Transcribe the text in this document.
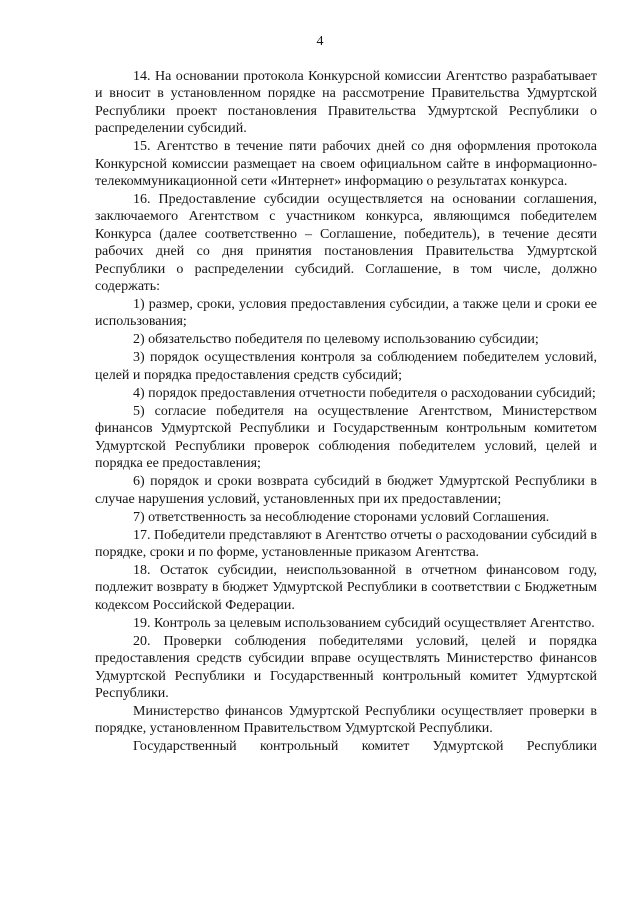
4

14. На основании протокола Конкурсной комиссии Агентство разрабатывает и вносит в установленном порядке на рассмотрение Правительства Удмуртской Республики проект постановления Правительства Удмуртской Республики о распределении субсидий.

15. Агентство в течение пяти рабочих дней со дня оформления протокола Конкурсной комиссии размещает на своем официальном сайте в информационно-телекоммуникационной сети «Интернет» информацию о результатах конкурса.

16. Предоставление субсидии осуществляется на основании соглашения, заключаемого Агентством с участником конкурса, являющимся победителем Конкурса (далее соответственно – Соглашение, победитель), в течение десяти рабочих дней со дня принятия постановления Правительства Удмуртской Республики о распределении субсидий. Соглашение, в том числе, должно содержать:

1) размер, сроки, условия предоставления субсидии, а также цели и сроки ее использования;

2) обязательство победителя по целевому использованию субсидии;

3) порядок осуществления контроля за соблюдением победителем условий, целей и порядка предоставления средств субсидий;

4) порядок предоставления отчетности победителя о расходовании субсидий;

5) согласие победителя на осуществление Агентством, Министерством финансов Удмуртской Республики и Государственным контрольным комитетом Удмуртской Республики проверок соблюдения победителем условий, целей и порядка ее предоставления;

6) порядок и сроки возврата субсидий в бюджет Удмуртской Республики в случае нарушения условий, установленных при их предоставлении;

7) ответственность за несоблюдение сторонами условий Соглашения.

17. Победители представляют в Агентство отчеты о расходовании субсидий в порядке, сроки и по форме, установленные приказом Агентства.

18. Остаток субсидии, неиспользованной в отчетном финансовом году, подлежит возврату в бюджет Удмуртской Республики в соответствии с Бюджетным кодексом Российской Федерации.

19. Контроль за целевым использованием субсидий осуществляет Агентство.

20. Проверки соблюдения победителями условий, целей и порядка предоставления средств субсидии вправе осуществлять Министерство финансов Удмуртской Республики и Государственный контрольный комитет Удмуртской Республики.

Министерство финансов Удмуртской Республики осуществляет проверки в порядке, установленном Правительством Удмуртской Республики.

Государственный контрольный комитет Удмуртской Республики
